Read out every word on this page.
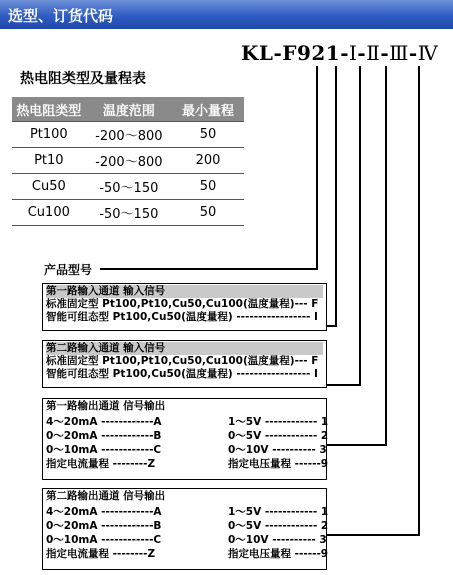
选型、订货代码
KL-F921-Ⅰ-Ⅱ-Ⅲ-Ⅳ
热电阻类型及量程表
热电阻类型	温度范围	最小量程
Pt100	-200～800	50
Pt10	-200～800	200
Cu50	-50～150	50
Cu100	-50～150	50
产品型号
第一路输入通道 输入信号
标准固定型 Pt100,Pt10,Cu50,Cu100(温度量程)--- F
智能可组态型 Pt100,Cu50(温度量程) ----------------- I
第二路输入通道 输入信号
标准固定型 Pt100,Pt10,Cu50,Cu100(温度量程)--- F
智能可组态型 Pt100,Cu50(温度量程) ----------------- I
第一路输出通道 信号输出
4～20mA ------------A	1～5V ------------ 1
0～20mA ------------B	0～5V ------------ 2
0～10mA ------------C	0～10V ---------- 3
指定电流量程 --------Z	指定电压量程 ------9
第二路输出通道 信号输出
4～20mA ------------A	1～5V ------------ 1
0～20mA ------------B	0～5V ------------ 2
0～10mA ------------C	0～10V ---------- 3
指定电流量程 --------Z	指定电压量程 ------9
